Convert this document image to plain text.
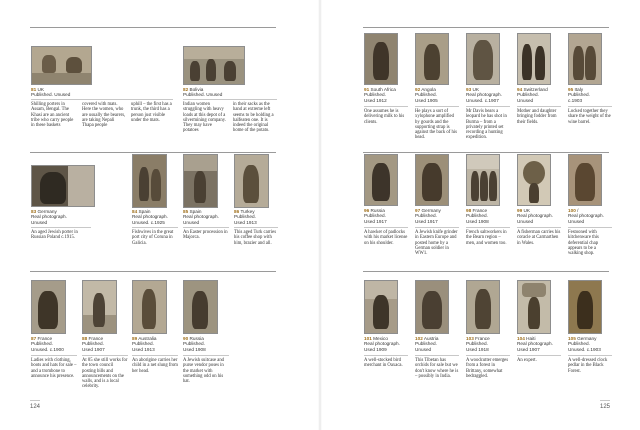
81 UK
Published. Unused
Shilling porters in Assam, Bengal. The Khasi are an ancient tribe who carry people in these baskets
covered with mats. Here the women, who are usually the bearers, are taking Nepali Thapa people
uphill – the first has a trunk, the third has a person just visible under the mats.
82 Bolivia
Published. Unused
Indian women struggling with heavy loads at this depot of a silvermining company. They may have potatoes
in their sacks as the hand at extreme left seems to be holding a halfeaten one. It is indeed the original home of the potato.
83 Germany
Real photograph.
Unused
An aged Jewish porter in Russian Poland c.1915.
84 Spain
Real photograph.
Unused. c.1925
Fishwives in the great port city of Coruna in Galicia.
85 Spain
Real photograph.
Unused
An Easter procession in Majorca.
86 Turkey
Published.
Used 1913
This aged Turk carries his coffee shop with him, brazier and all.
87 France
Published.
Unused. c.1900
Ladies with clothing, boots and hats for sale – and a trombone to announce his presence.
88 France
Published.
Used 1907
At 85 she still works for the town council posting bills and announcements on the walls, and is a local celebrity.
89 Australia
Published.
Used 1913
An aborigine carries her child in a net slung from her head.
90 Russia
Published.
Used 1908
A Jewish suitcase and purse vendor poses in the market with something odd on his hat.
124
91 South Africa
Published.
Used 1912
92 Angola
Published.
Used 1905
93 UK
Real photograph.
Unused. c.1907
94 Switzerland
Published.
Unused
95 Italy
Published.
c.1903
One assumes he is delivering milk to his clients.
He plays a sort of xylophone amplified by gourds and the supporting strap is against the back of his head.
Mr Davis bears a leopard he has shot in Burma – from a privately printed set recording a hunting expedition.
Mother and daughter bringing fodder from their fields.
Locked together they share the weight of the wine barrel.
96 Russia
Published.
Used 1917
97 Germany
Published.
Used 1917
98 France
Published.
Used 1908
99 UK
Real photograph.
Unused
100 /
Real photograph.
Unused
A hawker of padlocks with his market license on his shoulder.
A Jewish knife grinder in Eastern Europe and posted home by a German soldier in WW1.
French saltworkers in the Bearn region – men, and women too.
A fisherman carries his coracle at Carmarthen in Wales.
Festooned with kitchenware this deferential chap appears to be a walking shop.
101 Mexico
Real photograph.
Used 1909
102 Austria
Published.
Unused
103 France
Published.
Used 1918
104 Haiti
Real photograph.
Used 1907
105 Germany
Published.
Unused. c.1903
A well-stocked bird merchant in Oaxaca.
This Tibetan has orchids for sale but we don't know where he is – possibly in India.
A woodcutter emerges from a forest in Brittany, somewhat bedraggled.
An expert.	A well-dressed clock pedlar in the Black Forest.
125
